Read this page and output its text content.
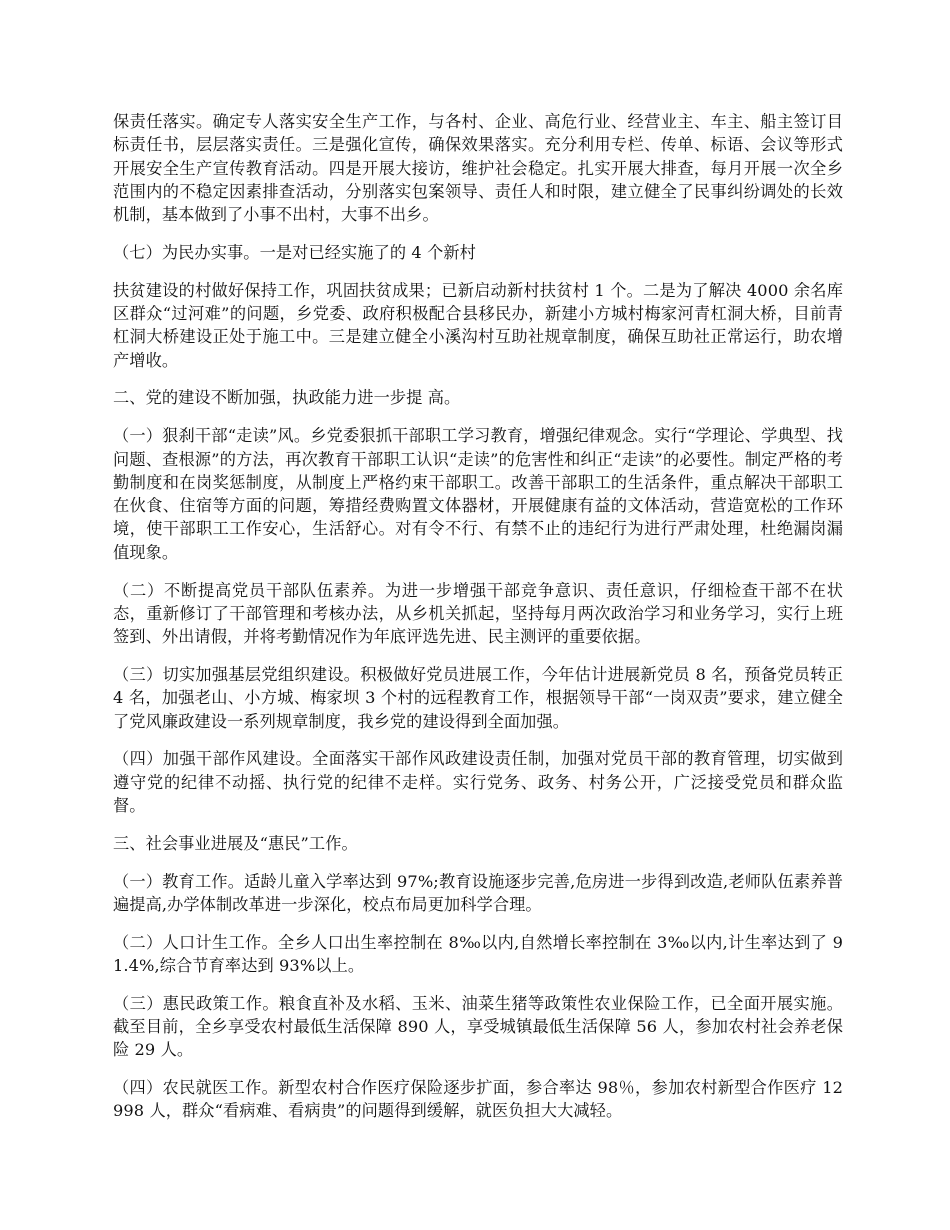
保责任落实。确定专人落实安全生产工作，与各村、企业、高危行业、经营业主、车主、船主签订目标责任书，层层落实责任。三是强化宣传，确保效果落实。充分利用专栏、传单、标语、会议等形式开展安全生产宣传教育活动。四是开展大接访，维护社会稳定。扎实开展大排查，每月开展一次全乡范围内的不稳定因素排查活动，分别落实包案领导、责任人和时限，建立健全了民事纠纷调处的长效机制，基本做到了小事不出村，大事不出乡。

（七）为民办实事。一是对已经实施了的 4 个新村

扶贫建设的村做好保持工作，巩固扶贫成果；已新启动新村扶贫村 1 个。二是为了解决 4000 余名库区群众“过河难”的问题，乡党委、政府积极配合县移民办，新建小方城村梅家河青杠洞大桥，目前青杠洞大桥建设正处于施工中。三是建立健全小溪沟村互助社规章制度，确保互助社正常运行，助农增产增收。

二、党的建设不断加强，执政能力进一步提 高。

（一）狠刹干部“走读”风。乡党委狠抓干部职工学习教育，增强纪律观念。实行“学理论、学典型、找问题、查根源”的方法，再次教育干部职工认识“走读”的危害性和纠正“走读”的必要性。制定严格的考勤制度和在岗奖惩制度，从制度上严格约束干部职工。改善干部职工的生活条件，重点解决干部职工在伙食、住宿等方面的问题，筹措经费购置文体器材，开展健康有益的文体活动，营造宽松的工作环境，使干部职工工作安心，生活舒心。对有令不行、有禁不止的违纪行为进行严肃处理，杜绝漏岗漏值现象。

（二）不断提高党员干部队伍素养。为进一步增强干部竞争意识、责任意识，仔细检查干部不在状态，重新修订了干部管理和考核办法，从乡机关抓起，坚持每月两次政治学习和业务学习，实行上班签到、外出请假，并将考勤情况作为年底评选先进、民主测评的重要依据。

（三）切实加强基层党组织建设。积极做好党员进展工作，今年估计进展新党员 8 名，预备党员转正 4 名，加强老山、小方城、梅家坝 3 个村的远程教育工作，根据领导干部“一岗双责”要求，建立健全了党风廉政建设一系列规章制度，我乡党的建设得到全面加强。

（四）加强干部作风建设。全面落实干部作风政建设责任制，加强对党员干部的教育管理，切实做到遵守党的纪律不动摇、执行党的纪律不走样。实行党务、政务、村务公开，广泛接受党员和群众监督。

三、社会事业进展及“惠民”工作。

（一）教育工作。适龄儿童入学率达到 97%;教育设施逐步完善,危房进一步得到改造,老师队伍素养普遍提高,办学体制改革进一步深化，校点布局更加科学合理。

（二）人口计生工作。全乡人口出生率控制在 8‰以内,自然增长率控制在 3‰以内,计生率达到了 91.4%,综合节育率达到 93%以上。

（三）惠民政策工作。粮食直补及水稻、玉米、油菜生猪等政策性农业保险工作，已全面开展实施。截至目前，全乡享受农村最低生活保障 890 人，享受城镇最低生活保障 56 人，参加农村社会养老保险 29 人。

（四）农民就医工作。新型农村合作医疗保险逐步扩面，参合率达 98％，参加农村新型合作医疗 12998 人，群众“看病难、看病贵”的问题得到缓解，就医负担大大减轻。
